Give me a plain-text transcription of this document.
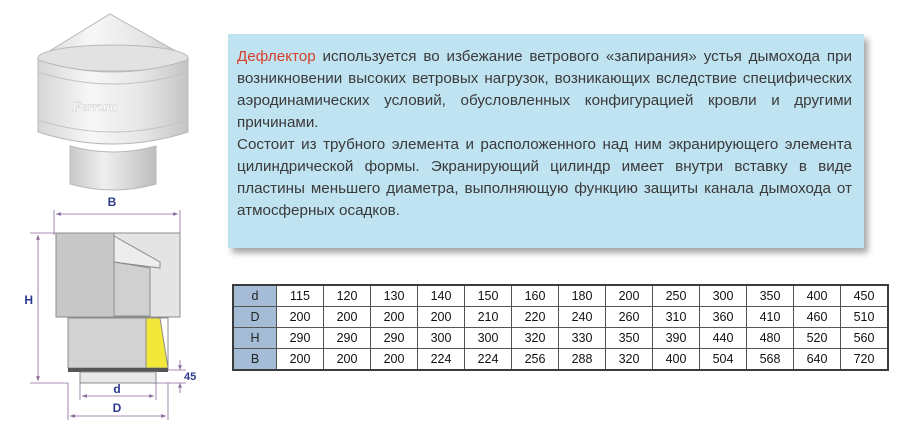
Ferrum
B
H
45
d
D

Дефлектор используется во избежание ветрового «запирания» устья дымохода при возникновении высоких ветровых нагрузок, возникающих вследствие специфических аэродинамических условий, обусловленных конфигурацией кровли и другими причинами.

Состоит из трубного элемента и расположенного над ним экранирующего элемента цилиндрической формы. Экранирующий цилиндр имеет внутри вставку в виде пластины меньшего диаметра, выполняющую функцию защиты канала дымохода от атмосферных осадков.

d	115	120	130	140	150	160	180	200	250	300	350	400	450
D	200	200	200	200	210	220	240	260	310	360	410	460	510
H	290	290	290	300	300	320	330	350	390	440	480	520	560
B	200	200	200	224	224	256	288	320	400	504	568	640	720
